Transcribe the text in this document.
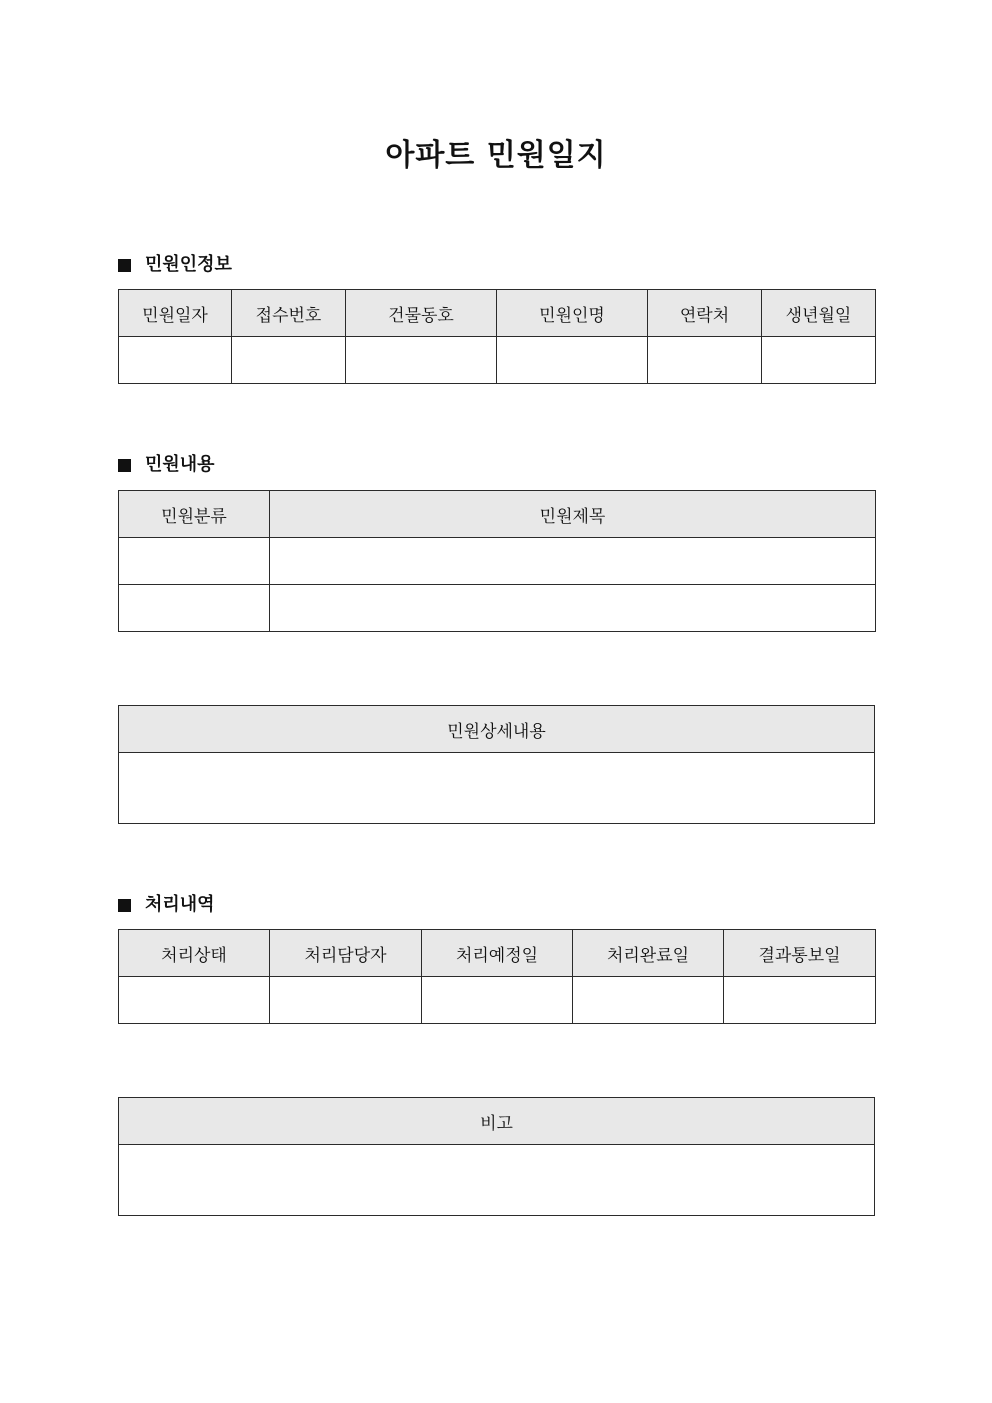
아파트 민원일지
민원인정보
민원일자	접수번호	건물동호	민원인명	연락처	생년월일

민원내용
민원분류	민원제목

민원상세내용

처리내역
처리상태	처리담당자	처리예정일	처리완료일	결과통보일

비고
